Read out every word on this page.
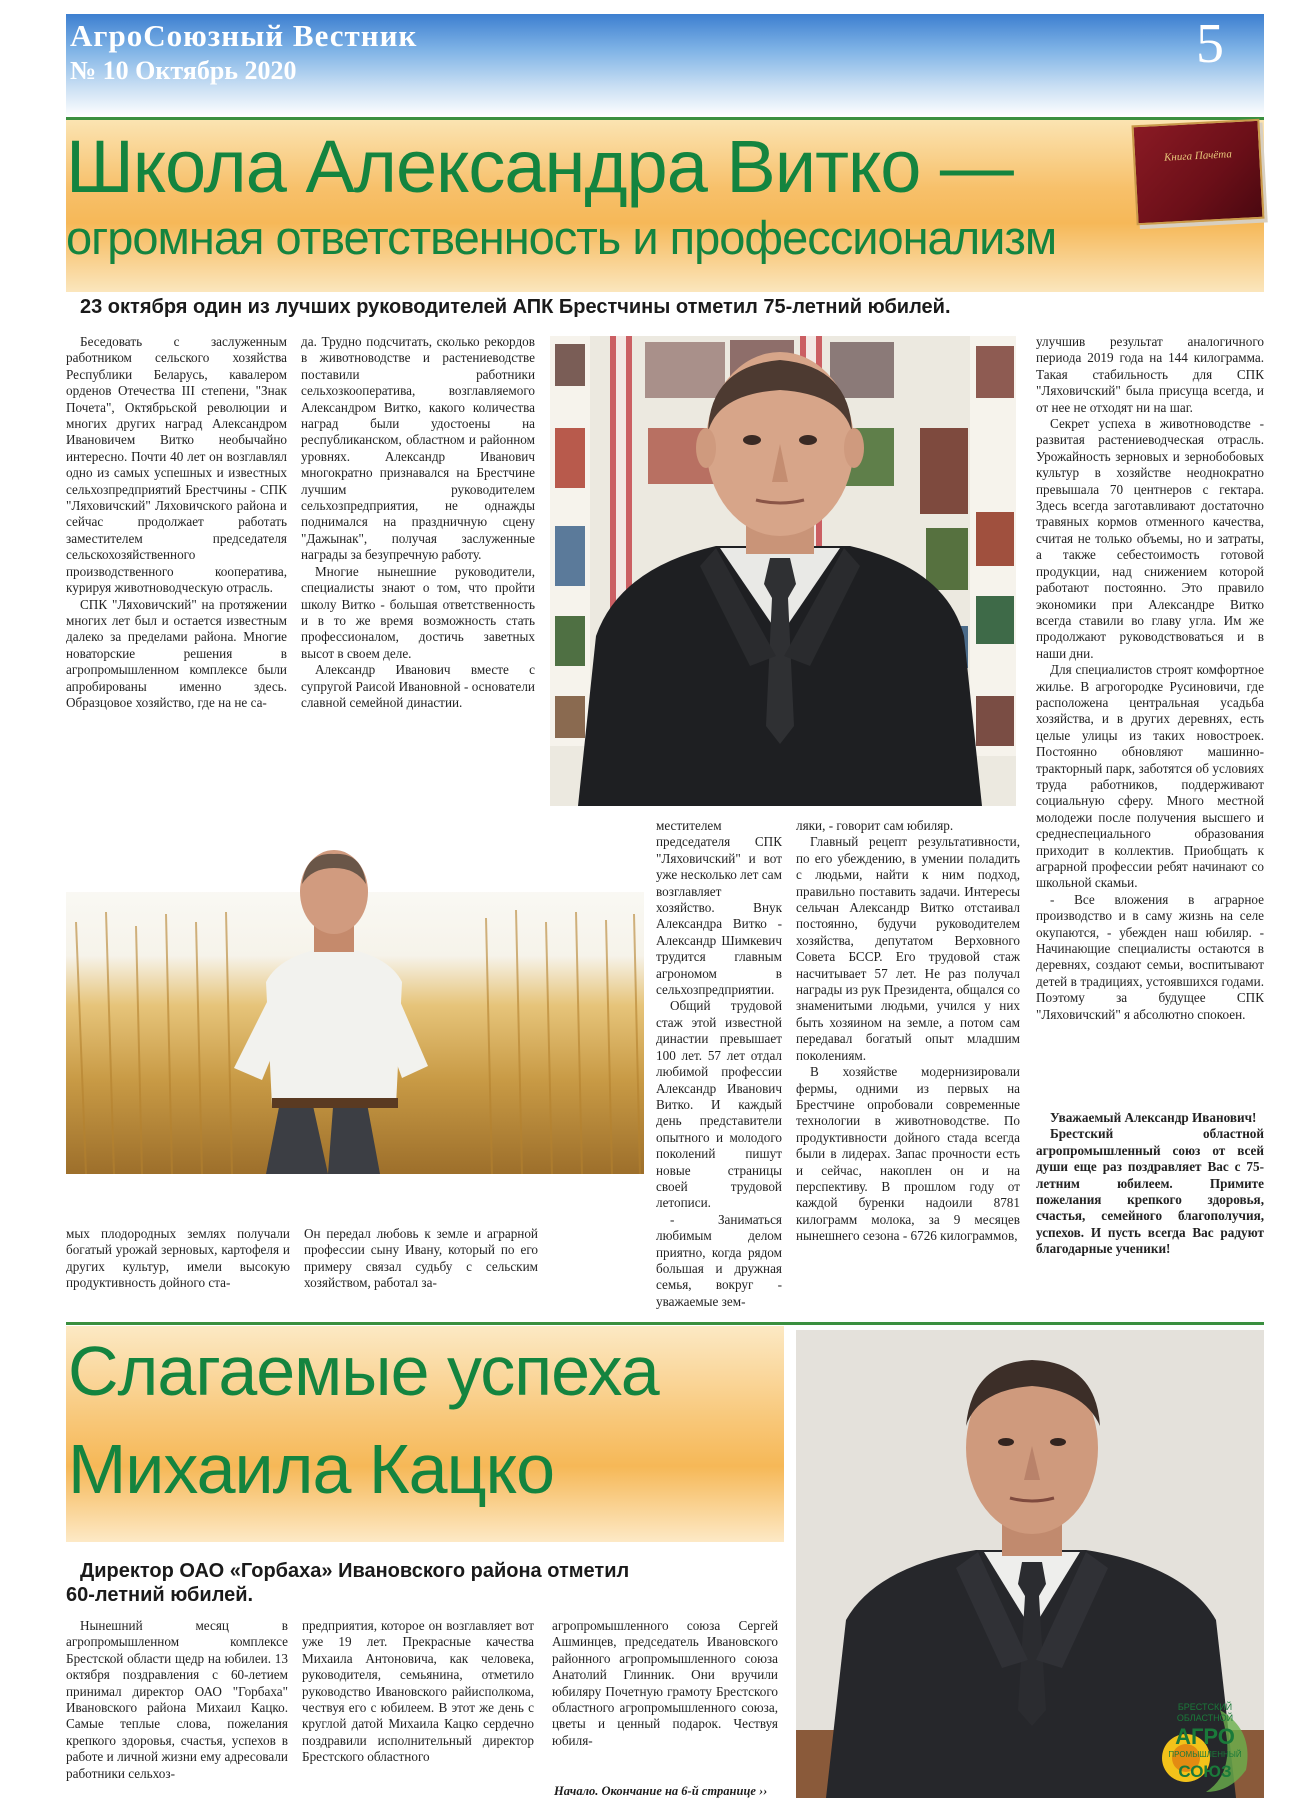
АгроСоюзный Вестник
№ 10 Октябрь 2020	5
Школа Александра Витко —
огромная ответственность и профессионализм
Книга Пачёта
23 октября один из лучших руководителей АПК Брестчины отметил 75-летний юбилей.

Беседовать с заслуженным работником сельского хозяйства Республики Беларусь, кавалером орденов Отечества III степени, "Знак Почета", Октябрьской революции и многих других наград Александром Ивановичем Витко необычайно интересно. Почти 40 лет он возглавлял одно из самых успешных и известных сельхозпредприятий Брестчины - СПК "Ляховичский" Ляховичского района и сейчас продолжает работать заместителем председателя сельскохозяйственного производственного кооператива, курируя животноводческую отрасль.

СПК "Ляховичский" на протяжении многих лет был и остается известным далеко за пределами района. Многие новаторские решения в агропромышленном комплексе были апробированы именно здесь. Образцовое хозяйство, где на не са-

да. Трудно подсчитать, сколько рекордов в животноводстве и растениеводстве поставили работники сельхозкооператива, возглавляемого Александром Витко, какого количества наград были удостоены на республиканском, областном и районном уровнях. Александр Иванович многократно признавался на Брестчине лучшим руководителем сельхозпредприятия, не однажды поднимался на праздничную сцену "Дажынак", получая заслуженные награды за безупречную работу.

Многие нынешние руководители, специалисты знают о том, что пройти школу Витко - большая ответственность и в то же время возможность стать профессионалом, достичь заветных высот в своем деле.

Александр Иванович вместе с супругой Раисой Ивановной - основатели славной семейной династии.

улучшив результат аналогичного периода 2019 года на 144 килограмма. Такая стабильность для СПК "Ляховичский" была присуща всегда, и от нее не отходят ни на шаг.

Секрет успеха в животноводстве - развитая растениеводческая отрасль. Урожайность зерновых и зернобобовых культур в хозяйстве неоднократно превышала 70 центнеров с гектара. Здесь всегда заготавливают достаточно травяных кормов отменного качества, считая не только объемы, но и затраты, а также себестоимость готовой продукции, над снижением которой работают постоянно. Это правило экономики при Александре Витко всегда ставили во главу угла. Им же продолжают руководствоваться и в наши дни.

Для специалистов строят комфортное жилье. В агрогородке Русиновичи, где расположена центральная усадьба хозяйства, и в других деревнях, есть целые улицы из таких новостроек. Постоянно обновляют машинно-тракторный парк, заботятся об условиях труда работников, поддерживают социальную сферу. Много местной молодежи после получения высшего и среднеспециального образования приходит в коллектив. Приобщать к аграрной профессии ребят начинают со школьной скамьи.

- Все вложения в аграрное производство и в саму жизнь на селе окупаются, - убежден наш юбиляр. - Начинающие специалисты остаются в деревнях, создают семьи, воспитывают детей в традициях, устоявшихся годами. Поэтому за будущее СПК "Ляховичский" я абсолютно спокоен.

Уважаемый Александр Иванович!

Брестский областной агропромышленный союз от всей души еще раз поздравляет Вас с 75-летним юбилеем. Примите пожелания крепкого здоровья, счастья, семейного благополучия, успехов. И пусть всегда Вас радуют благодарные ученики!

местителем председателя СПК "Ляховичский" и вот уже несколько лет сам возглавляет хозяйство. Внук Александра Витко - Александр Шимкевич трудится главным агрономом в сельхозпредприятии.

Общий трудовой стаж этой известной династии превышает 100 лет. 57 лет отдал любимой профессии Александр Иванович Витко. И каждый день представители опытного и молодого поколений пишут новые страницы своей трудовой летописи.

- Заниматься любимым делом приятно, когда рядом большая и дружная семья, вокруг - уважаемые зем-

ляки, - говорит сам юбиляр.

Главный рецепт результативности, по его убеждению, в умении поладить с людьми, найти к ним подход, правильно поставить задачи. Интересы сельчан Александр Витко отстаивал постоянно, будучи руководителем хозяйства, депутатом Верховного Совета БССР. Его трудовой стаж насчитывает 57 лет. Не раз получал награды из рук Президента, общался со знаменитыми людьми, учился у них быть хозяином на земле, а потом сам передавал богатый опыт младшим поколениям.

В хозяйстве модернизировали фермы, одними из первых на Брестчине опробовали современные технологии в животноводстве. По продуктивности дойного стада всегда были в лидерах. Запас прочности есть и сейчас, накоплен он и на перспективу. В прошлом году от каждой буренки надоили 8781 килограмм молока, за 9 месяцев нынешнего сезона - 6726 килограммов,

мых плодородных землях получали богатый урожай зерновых, картофеля и других культур, имели высокую продуктивность дойного ста-

Он передал любовь к земле и аграрной профессии сыну Ивану, который по его примеру связал судьбу с сельским хозяйством, работал за-

Слагаемые успеха
Михаила Кацко
Директор ОАО «Горбаха» Ивановского района отметил
60-летний юбилей.

Нынешний месяц в агропромышленном комплексе Брестской области щедр на юбилеи. 13 октября поздравления с 60-летием принимал директор ОАО "Горбаха" Ивановского района Михаил Кацко. Самые теплые слова, пожелания крепкого здоровья, счастья, успехов в работе и личной жизни ему адресовали работники сельхоз-

предприятия, которое он возглавляет вот уже 19 лет. Прекрасные качества Михаила Антоновича, как человека, руководителя, семьянина, отметило руководство Ивановского райисполкома, чествуя его с юбилеем. В этот же день с круглой датой Михаила Кацко сердечно поздравили исполнительный директор Брестского областного

агропромышленного союза Сергей Ашминцев, председатель Ивановского районного агропромышленного союза Анатолий Глинник. Они вручили юбиляру Почетную грамоту Брестского областного агропромышленного союза, цветы и ценный подарок. Чествуя юбиля-

Начало. Окончание на 6-й странице ››
БРЕСТСКИЙ
ОБЛАСТНОЙ
АГРО
ПРОМЫШЛЕННЫЙ
СОЮЗ
